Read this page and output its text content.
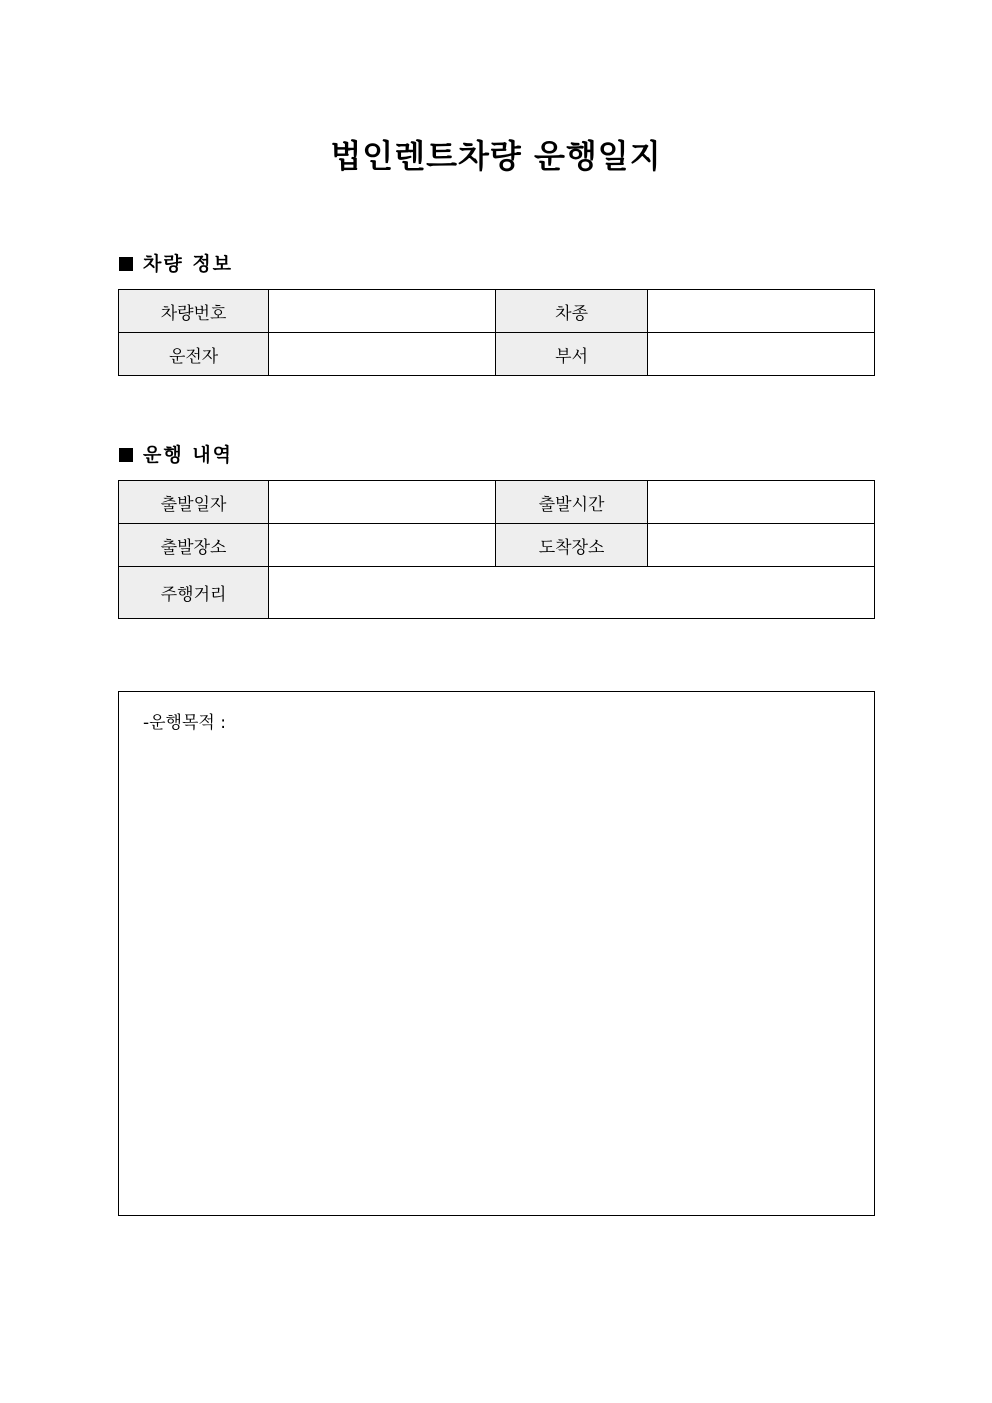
법인렌트차량 운행일지
차량 정보
차량번호		차종	
운전자		부서	
운행 내역
출발일자		출발시간	
출발장소		도착장소	
주행거리			
-운행목적 :
